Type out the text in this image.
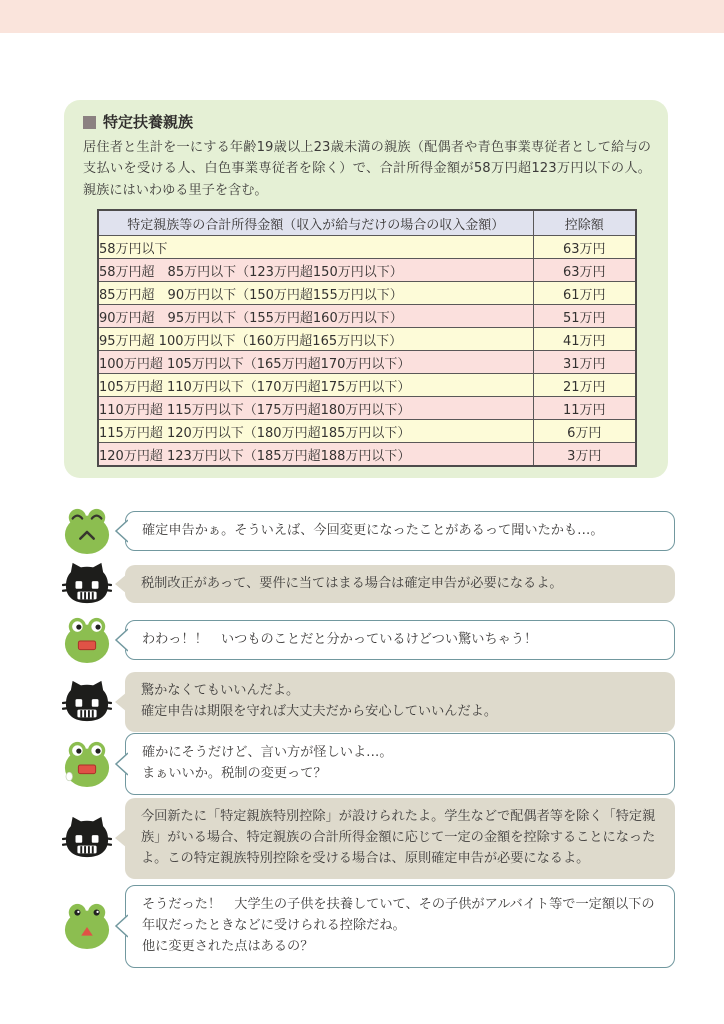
特定扶養親族
居住者と生計を一にする年齢19歳以上23歳未満の親族（配偶者や青色事業専従者として給与の支払いを受ける人、白色事業専従者を除く）で、合計所得金額が58万円超123万円以下の人。親族にはいわゆる里子を含む。
特定親族等の合計所得金額（収入が給与だけの場合の収入金額）	控除額
58万円以下	63万円
58万円超　85万円以下（123万円超150万円以下）	63万円
85万円超　90万円以下（150万円超155万円以下）	61万円
90万円超　95万円以下（155万円超160万円以下）	51万円
95万円超 100万円以下（160万円超165万円以下）	41万円
100万円超 105万円以下（165万円超170万円以下）	31万円
105万円超 110万円以下（170万円超175万円以下）	21万円
110万円超 115万円以下（175万円超180万円以下）	11万円
115万円超 120万円以下（180万円超185万円以下）	6万円
120万円超 123万円以下（185万円超188万円以下）	3万円
確定申告かぁ。そういえば、今回変更になったことがあるって聞いたかも…。
税制改正があって、要件に当てはまる場合は確定申告が必要になるよ。
わわっ！！　いつものことだと分かっているけどつい驚いちゃう！
驚かなくてもいいんだよ。
確定申告は期限を守れば大丈夫だから安心していいんだよ。
確かにそうだけど、言い方が怪しいよ…。
まぁいいか。税制の変更って？
今回新たに「特定親族特別控除」が設けられたよ。学生などで配偶者等を除く「特定親族」がいる場合、特定親族の合計所得金額に応じて一定の金額を控除することになったよ。この特定親族特別控除を受ける場合は、原則確定申告が必要になるよ。
そうだった！　大学生の子供を扶養していて、その子供がアルバイト等で一定額以下の年収だったときなどに受けられる控除だね。
他に変更された点はあるの？
